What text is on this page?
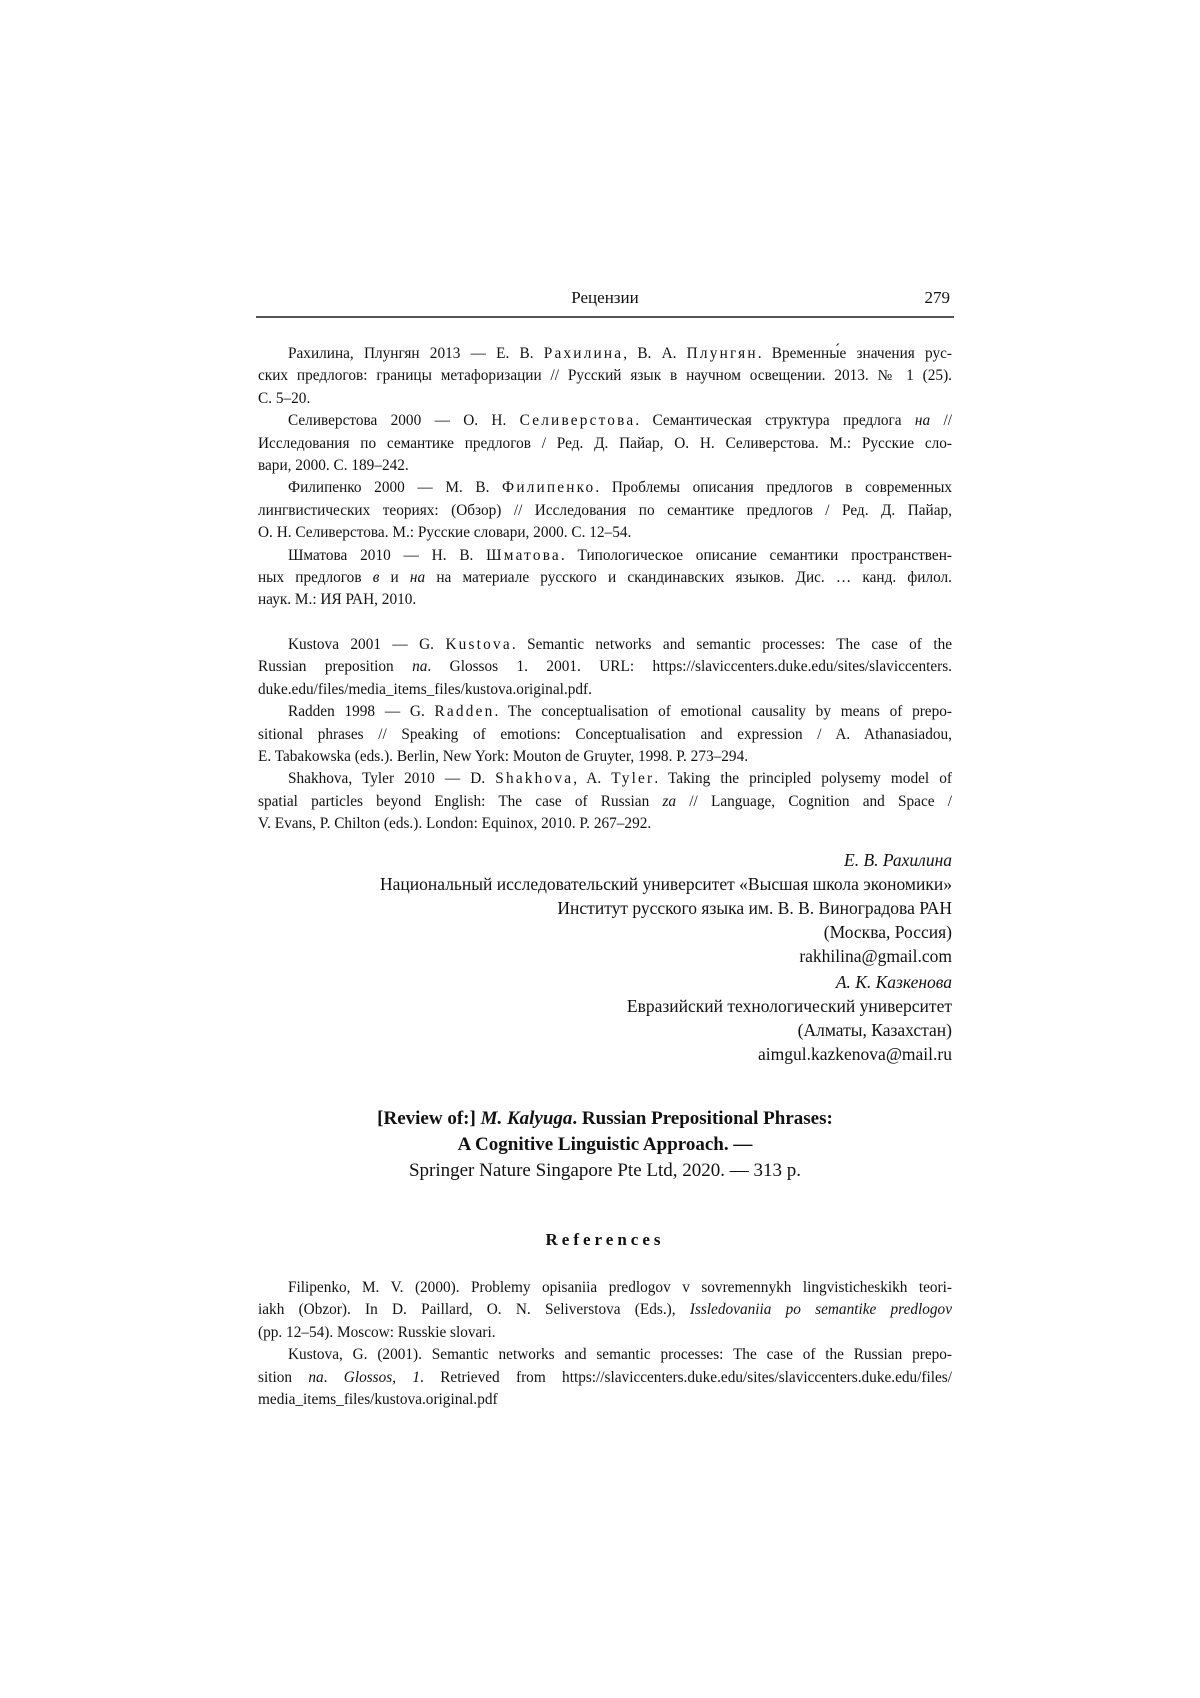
Рецензии	279
Рахилина, Плунгян 2013 — Е. В. Рахилина, В. А. Плунгян. Временны́е значения рус-
ских предлогов: границы метафоризации // Русский язык в научном освещении. 2013. № 1 (25).
С. 5–20.
Селиверстова 2000 — О. Н. Селиверстова. Семантическая структура предлога на //
Исследования по семантике предлогов / Ред. Д. Пайар, О. Н. Селиверстова. М.: Русские сло-
вари, 2000. С. 189–242.
Филипенко 2000 — М. В. Филипенко. Проблемы описания предлогов в современных
лингвистических теориях: (Обзор) // Исследования по семантике предлогов / Ред. Д. Пайар,
О. Н. Селиверстова. М.: Русские словари, 2000. С. 12–54.
Шматова 2010 — Н. В. Шматова. Типологическое описание семантики пространствен-
ных предлогов в и на на материале русского и скандинавских языков. Дис. … канд. филол.
наук. М.: ИЯ РАН, 2010.
Kustova 2001 — G. Kustova. Semantic networks and semantic processes: The case of the
Russian preposition na. Glossos 1. 2001. URL: https://slaviccenters.duke.edu/sites/slaviccenters.
duke.edu/files/media_items_files/kustova.original.pdf.
Radden 1998 — G. Radden. The conceptualisation of emotional causality by means of prepo-
sitional phrases // Speaking of emotions: Conceptualisation and expression / A. Athanasiadou,
E. Tabakowska (eds.). Berlin, New York: Mouton de Gruyter, 1998. P. 273–294.
Shakhova, Tyler 2010 — D. Shakhova, A. Tyler. Taking the principled polysemy model of
spatial particles beyond English: The case of Russian za // Language, Cognition and Space /
V. Evans, P. Chilton (eds.). London: Equinox, 2010. P. 267–292.
Е. В. Рахилина
Национальный исследовательский университет «Высшая школа экономики»
Институт русского языка им. В. В. Виноградова РАН
(Москва, Россия)
rakhilina@gmail.com
А. К. Казкенова
Евразийский технологический университет
(Алматы, Казахстан)
aimgul.kazkenova@mail.ru
[Review of:] M. Kalyuga. Russian Prepositional Phrases:
A Cognitive Linguistic Approach. —
Springer Nature Singapore Pte Ltd, 2020. — 313 p.
References
Filipenko, M. V. (2000). Problemy opisaniia predlogov v sovremennykh lingvisticheskikh teori-
iakh (Obzor). In D. Paillard, O. N. Seliverstova (Eds.), Issledovaniia po semantike predlogov
(pp. 12–54). Moscow: Russkie slovari.
Kustova, G. (2001). Semantic networks and semantic processes: The case of the Russian prepo-
sition na. Glossos, 1. Retrieved from https://slaviccenters.duke.edu/sites/slaviccenters.duke.edu/files/
media_items_files/kustova.original.pdf
